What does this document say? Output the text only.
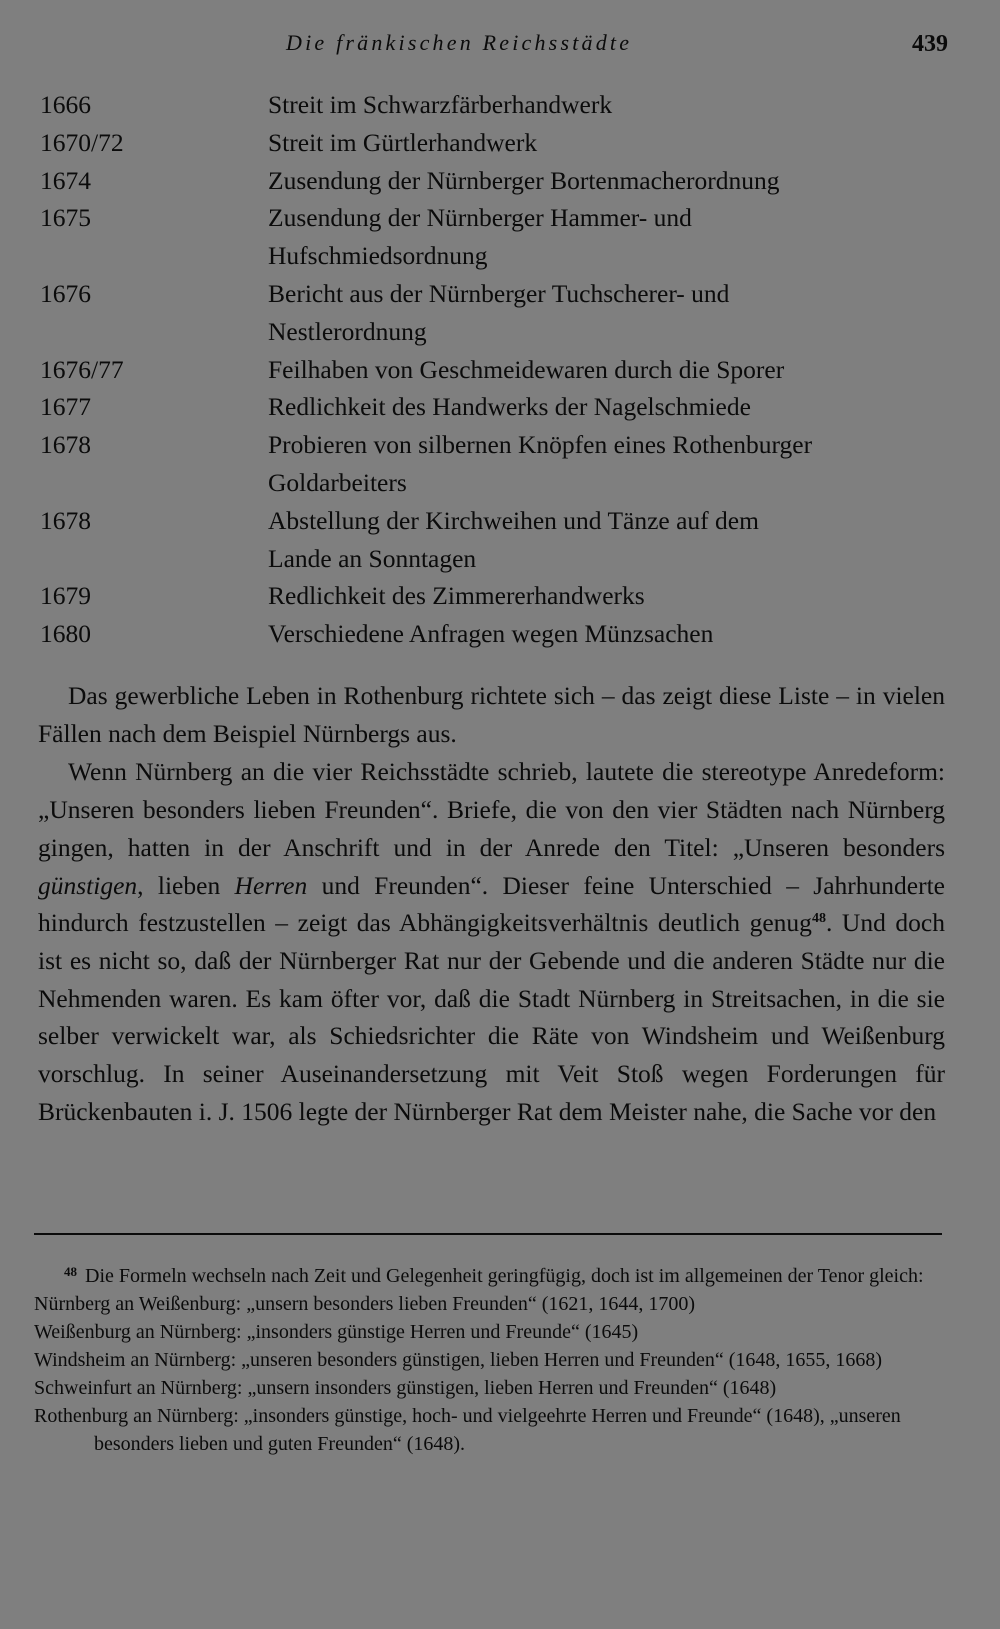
Die fränkischen Reichsstädte	439
1666	Streit im Schwarzfärberhandwerk
1670/72	Streit im Gürtlerhandwerk
1674	Zusendung der Nürnberger Bortenmacherordnung
1675	Zusendung der Nürnberger Hammer- und
Hufschmiedsordnung
1676	Bericht aus der Nürnberger Tuchscherer- und
Nestlerordnung
1676/77	Feilhaben von Geschmeidewaren durch die Sporer
1677	Redlichkeit des Handwerks der Nagelschmiede
1678	Probieren von silbernen Knöpfen eines Rothenburger
Goldarbeiters
1678	Abstellung der Kirchweihen und Tänze auf dem
Lande an Sonntagen
1679	Redlichkeit des Zimmererhandwerks
1680	Verschiedene Anfragen wegen Münzsachen

Das gewerbliche Leben in Rothenburg richtete sich – das zeigt diese Liste – in vielen Fällen nach dem Beispiel Nürnbergs aus.

Wenn Nürnberg an die vier Reichsstädte schrieb, lautete die stereotype Anredeform: „Unseren besonders lieben Freunden“. Briefe, die von den vier Städten nach Nürnberg gingen, hatten in der Anschrift und in der Anrede den Titel: „Unseren besonders günstigen, lieben Herren und Freunden“. Dieser feine Unterschied – Jahrhunderte hindurch festzustellen – zeigt das Abhängigkeitsverhältnis deutlich genug$^{48}$. Und doch ist es nicht so, daß der Nürnberger Rat nur der Gebende und die anderen Städte nur die Nehmenden waren. Es kam öfter vor, daß die Stadt Nürnberg in Streitsachen, in die sie selber verwickelt war, als Schiedsrichter die Räte von Windsheim und Weißenburg vorschlug. In seiner Auseinandersetzung mit Veit Stoß wegen Forderungen für Brückenbauten i. J. 1506 legte der Nürnberger Rat dem Meister nahe, die Sache vor den

$^{48}$ Die Formeln wechseln nach Zeit und Gelegenheit geringfügig, doch ist im allgemeinen der Tenor gleich:
Nürnberg an Weißenburg: „unsern besonders lieben Freunden“ (1621, 1644, 1700)
Weißenburg an Nürnberg: „insonders günstige Herren und Freunde“ (1645)
Windsheim an Nürnberg: „unseren besonders günstigen, lieben Herren und Freunden“ (1648, 1655, 1668)
Schweinfurt an Nürnberg: „unsern insonders günstigen, lieben Herren und Freunden“ (1648)
Rothenburg an Nürnberg: „insonders günstige, hoch- und vielgeehrte Herren und Freunde“ (1648), „unseren besonders lieben und guten Freunden“ (1648).
